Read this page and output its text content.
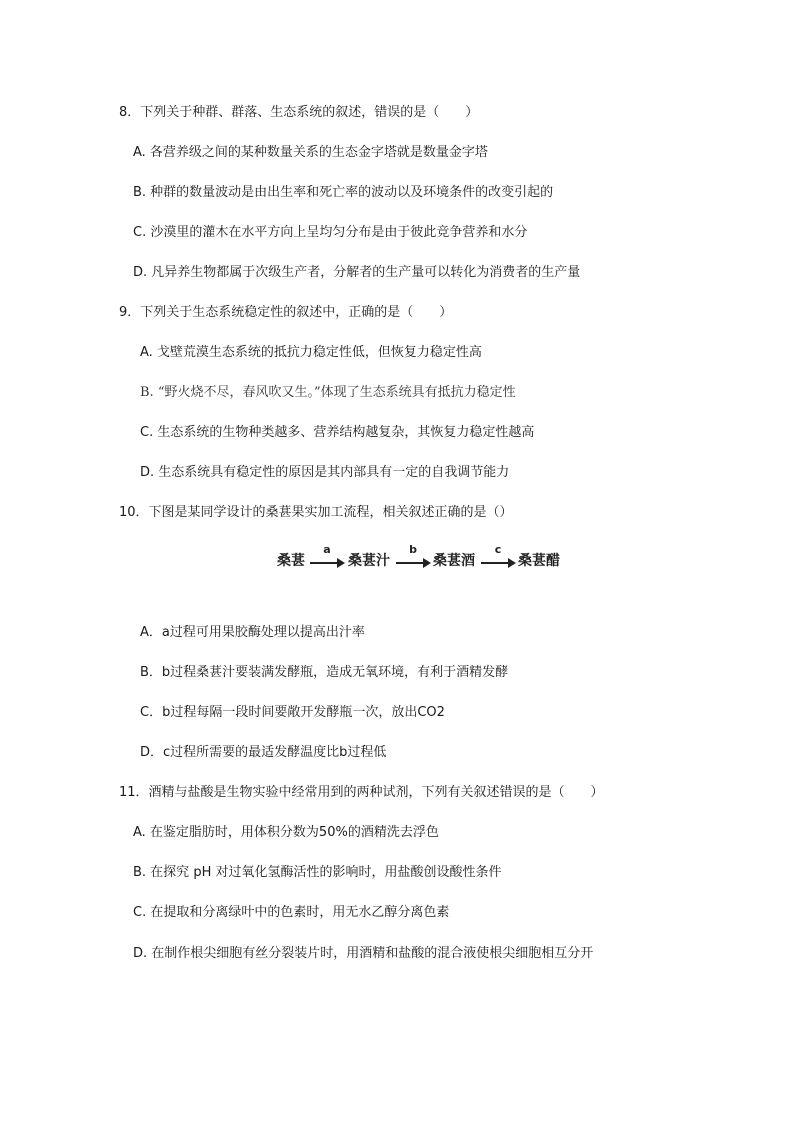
8．下列关于种群、群落、生态系统的叙述，错误的是（　　）
A. 各营养级之间的某种数量关系的生态金字塔就是数量金字塔
B. 种群的数量波动是由出生率和死亡率的波动以及环境条件的改变引起的
C. 沙漠里的灌木在水平方向上呈均匀分布是由于彼此竞争营养和水分
D. 凡异养生物都属于次级生产者，分解者的生产量可以转化为消费者的生产量
9．下列关于生态系统稳定性的叙述中，正确的是（　　）
A. 戈壁荒漠生态系统的抵抗力稳定性低，但恢复力稳定性高
B. “野火烧不尽，春风吹又生。”体现了生态系统具有抵抗力稳定性
C. 生态系统的生物种类越多、营养结构越复杂，其恢复力稳定性越高
D. 生态系统具有稳定性的原因是其内部具有一定的自我调节能力
10．下图是某同学设计的桑葚果实加工流程，相关叙述正确的是（）
桑葚
a
桑葚汁
b
桑葚酒
c
桑葚醋
A．a过程可用果胶酶处理以提高出汁率
B．b过程桑葚汁要装满发酵瓶，造成无氧环境，有利于酒精发酵
C．b过程每隔一段时间要敞开发酵瓶一次，放出CO2
D．c过程所需要的最适发酵温度比b过程低
11．酒精与盐酸是生物实验中经常用到的两种试剂，下列有关叙述错误的是（　　）
A. 在鉴定脂肪时，用体积分数为50%的酒精洗去浮色
B. 在探究 pH 对过氧化氢酶活性的影响时，用盐酸创设酸性条件
C. 在提取和分离绿叶中的色素时，用无水乙醇分离色素
D. 在制作根尖细胞有丝分裂装片时，用酒精和盐酸的混合液使根尖细胞相互分开
